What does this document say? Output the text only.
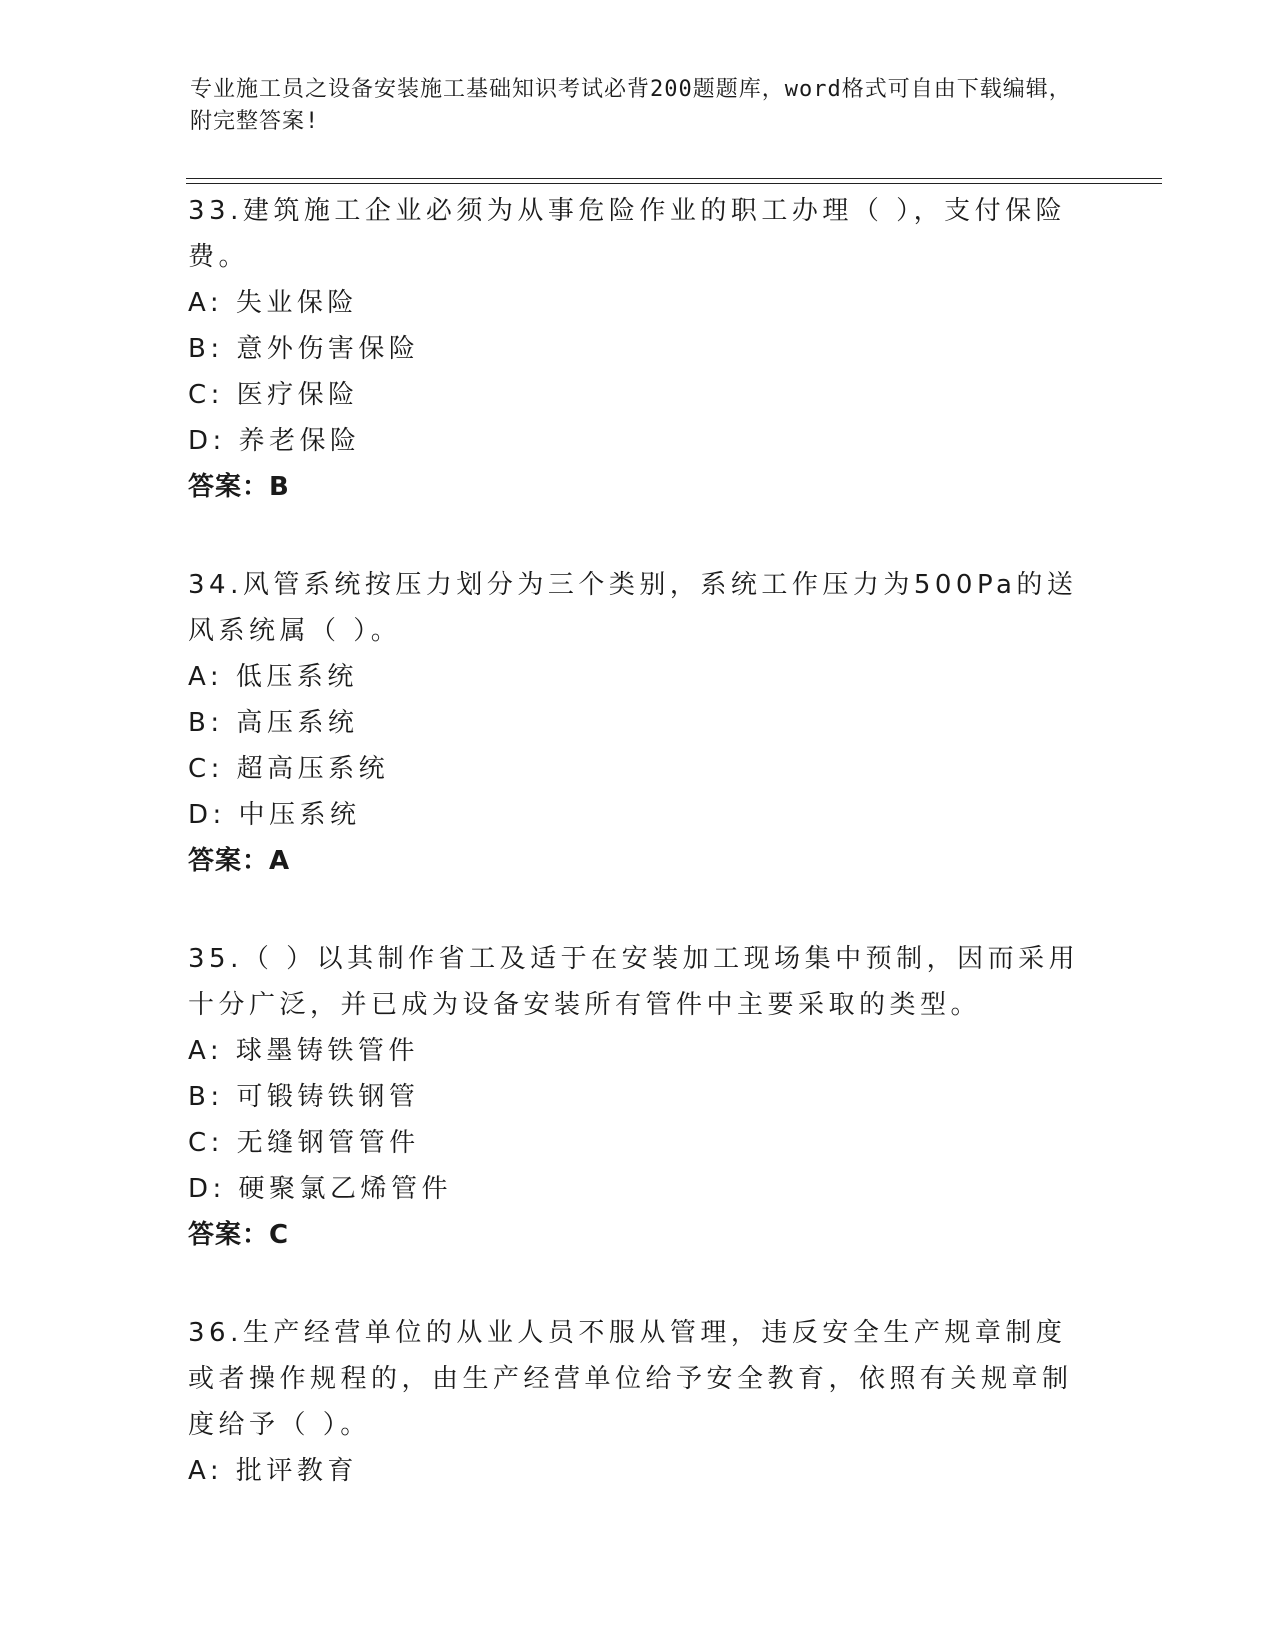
专业施工员之设备安装施工基础知识考试必背200题题库，word格式可自由下载编辑，附完整答案!
33.建筑施工企业必须为从事危险作业的职工办理（ ），支付保险费。
A: 失业保险
B: 意外伤害保险
C: 医疗保险
D: 养老保险
答案：B
34.风管系统按压力划分为三个类别，系统工作压力为500Pa的送风系统属（ ）。
A: 低压系统
B: 高压系统
C: 超高压系统
D: 中压系统
答案：A
35.（ ）以其制作省工及适于在安装加工现场集中预制，因而采用十分广泛，并已成为设备安装所有管件中主要采取的类型。
A: 球墨铸铁管件
B: 可锻铸铁钢管
C: 无缝钢管管件
D: 硬聚氯乙烯管件
答案：C
36.生产经营单位的从业人员不服从管理，违反安全生产规章制度或者操作规程的，由生产经营单位给予安全教育，依照有关规章制度给予（ ）。
A: 批评教育
